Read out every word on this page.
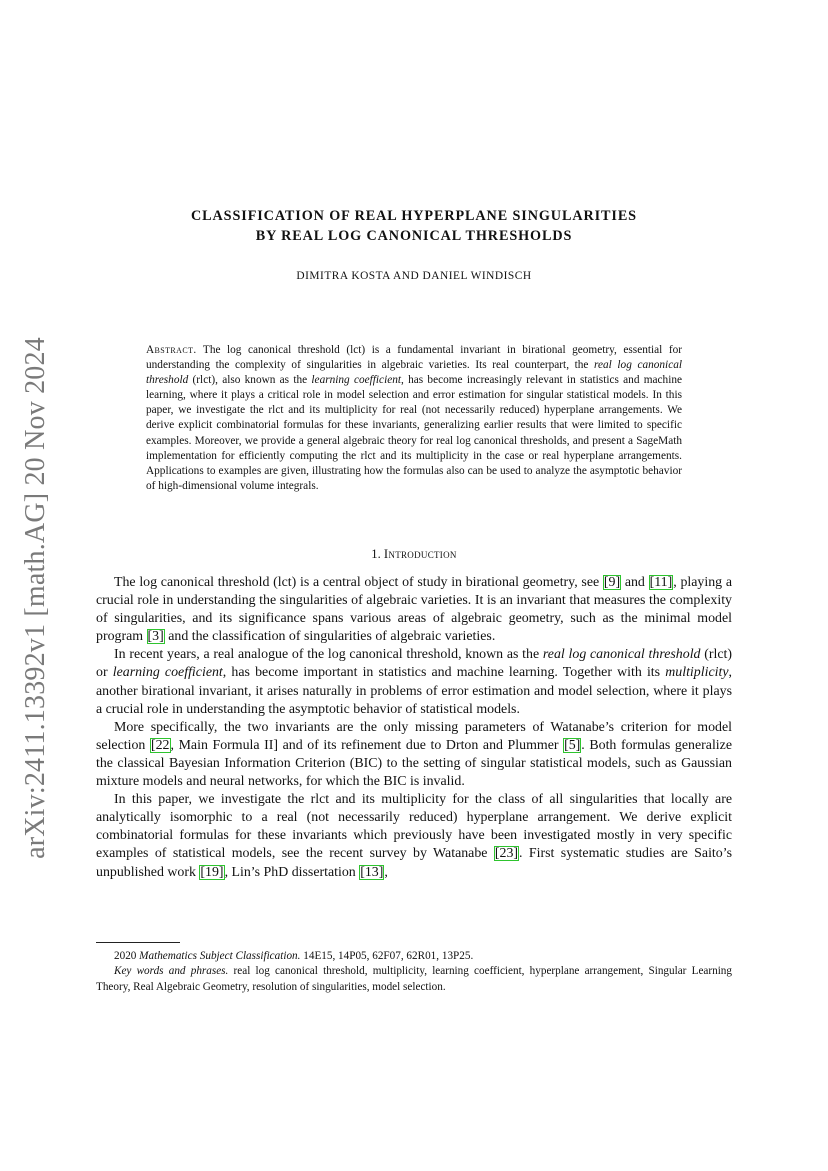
arXiv:2411.13392v1 [math.AG] 20 Nov 2024
CLASSIFICATION OF REAL HYPERPLANE SINGULARITIES
BY REAL LOG CANONICAL THRESHOLDS
DIMITRA KOSTA AND DANIEL WINDISCH
Abstract. The log canonical threshold (lct) is a fundamental invariant in birational geometry, essential for understanding the complexity of singularities in algebraic varieties. Its real counterpart, the real log canonical threshold (rlct), also known as the learning coefficient, has become increasingly relevant in statistics and machine learning, where it plays a critical role in model selection and error estimation for singular statistical models. In this paper, we investigate the rlct and its multiplicity for real (not necessarily reduced) hyperplane arrangements. We derive explicit combinatorial formulas for these invariants, generalizing earlier results that were limited to specific examples. Moreover, we provide a general algebraic theory for real log canonical thresholds, and present a SageMath implementation for efficiently computing the rlct and its multiplicity in the case or real hyperplane arrangements. Applications to examples are given, illustrating how the formulas also can be used to analyze the asymptotic behavior of high-dimensional volume integrals.
1. Introduction

The log canonical threshold (lct) is a central object of study in birational geometry, see [9] and [11], playing a crucial role in understanding the singularities of algebraic varieties. It is an invariant that measures the complexity of singularities, and its significance spans various areas of algebraic geometry, such as the minimal model program [3] and the classification of singularities of algebraic varieties.

In recent years, a real analogue of the log canonical threshold, known as the real log canonical threshold (rlct) or learning coefficient, has become important in statistics and machine learning. Together with its multiplicity, another birational invariant, it arises naturally in problems of error estimation and model selection, where it plays a crucial role in understanding the asymptotic behavior of statistical models.

More specifically, the two invariants are the only missing parameters of Watanabe’s criterion for model selection [22, Main Formula II] and of its refinement due to Drton and Plummer [5]. Both formulas generalize the classical Bayesian Information Criterion (BIC) to the setting of singular statistical models, such as Gaussian mixture models and neural networks, for which the BIC is invalid.

In this paper, we investigate the rlct and its multiplicity for the class of all singularities that locally are analytically isomorphic to a real (not necessarily reduced) hyperplane arrangement. We derive explicit combinatorial formulas for these invariants which previously have been investigated mostly in very specific examples of statistical models, see the recent survey by Watanabe [23]. First systematic studies are Saito’s unpublished work [19], Lin’s PhD dissertation [13],

2020 Mathematics Subject Classification. 14E15, 14P05, 62F07, 62R01, 13P25.

Key words and phrases. real log canonical threshold, multiplicity, learning coefficient, hyperplane arrangement, Singular Learning Theory, Real Algebraic Geometry, resolution of singularities, model selection.
